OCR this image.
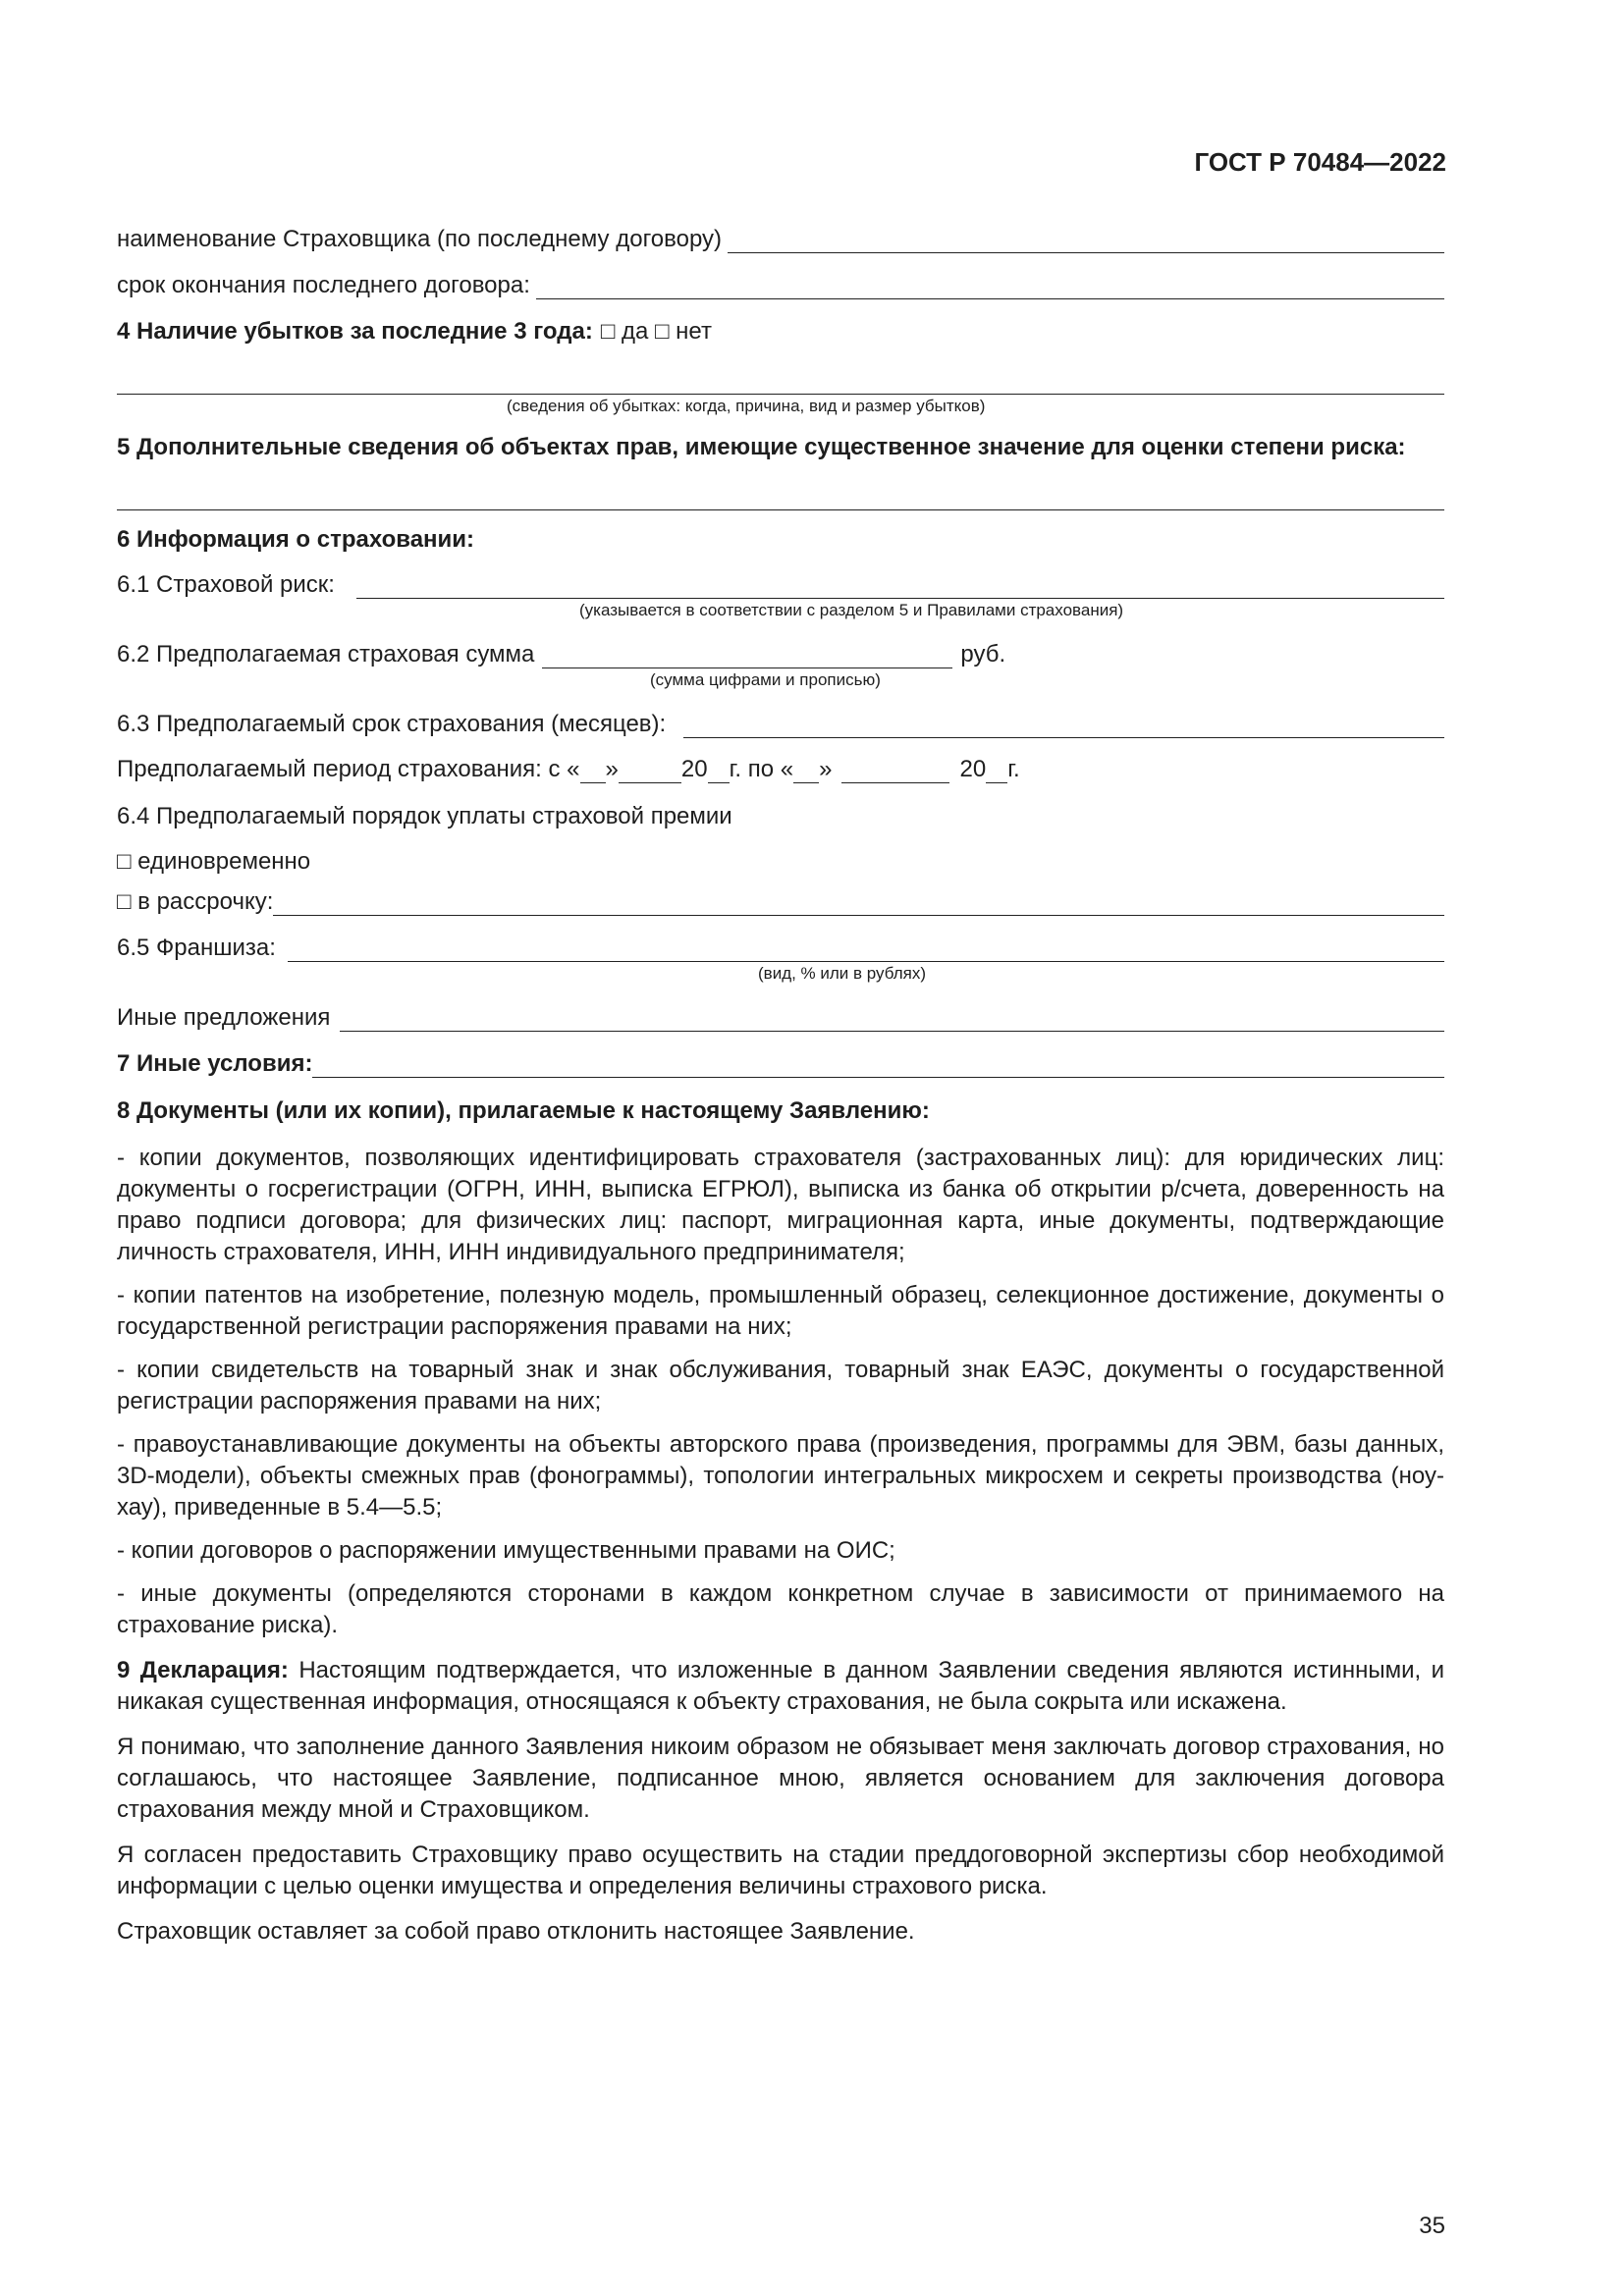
ГОСТ Р 70484—2022
наименование Страховщика (по последнему договору)
срок окончания последнего договора:
4 Наличие убытков за последние 3 года: □ да □ нет
(сведения об убытках: когда, причина, вид и размер убытков)
5 Дополнительные сведения об объектах прав, имеющие существенное значение для оценки степени риска:
6 Информация о страховании:
6.1 Страховой риск:
(указывается в соответствии с разделом 5 и Правилами страхования)
6.2 Предполагаемая страховая сумма	руб.
(сумма цифрами и прописью)
6.3 Предполагаемый срок страхования (месяцев):
Предполагаемый период страхования: с « »	20 г. по « »	20 г.
6.4 Предполагаемый порядок уплаты страховой премии
□ единовременно
□ в рассрочку:
6.5 Франшиза:
(вид, % или в рублях)
Иные предложения
7 Иные условия:
8 Документы (или их копии), прилагаемые к настоящему Заявлению:

- копии документов, позволяющих идентифицировать страхователя (застрахованных лиц): для юридических лиц: документы о госрегистрации (ОГРН, ИНН, выписка ЕГРЮЛ), выписка из банка об открытии р/счета, доверенность на право подписи договора; для физических лиц: паспорт, миграционная карта, иные документы, подтверждающие личность страхователя, ИНН, ИНН индивидуального предпринимателя;

- копии патентов на изобретение, полезную модель, промышленный образец, селекционное достижение, документы о государственной регистрации распоряжения правами на них;

- копии свидетельств на товарный знак и знак обслуживания, товарный знак ЕАЭС, документы о государственной регистрации распоряжения правами на них;

- правоустанавливающие документы на объекты авторского права (произведения, программы для ЭВМ, базы данных, 3D-модели), объекты смежных прав (фонограммы), топологии интегральных микросхем и секреты производства (ноу-хау), приведенные в 5.4—5.5;

- копии договоров о распоряжении имущественными правами на ОИС;

- иные документы (определяются сторонами в каждом конкретном случае в зависимости от принимаемого на страхование риска).

9 Декларация: Настоящим подтверждается, что изложенные в данном Заявлении сведения являются истинными, и никакая существенная информация, относящаяся к объекту страхования, не была сокрыта или искажена.

Я понимаю, что заполнение данного Заявления никоим образом не обязывает меня заключать договор страхования, но соглашаюсь, что настоящее Заявление, подписанное мною, является основанием для заключения договора страхования между мной и Страховщиком.

Я согласен предоставить Страховщику право осуществить на стадии преддоговорной экспертизы сбор необходимой информации с целью оценки имущества и определения величины страхового риска.

Страховщик оставляет за собой право отклонить настоящее Заявление.

35
